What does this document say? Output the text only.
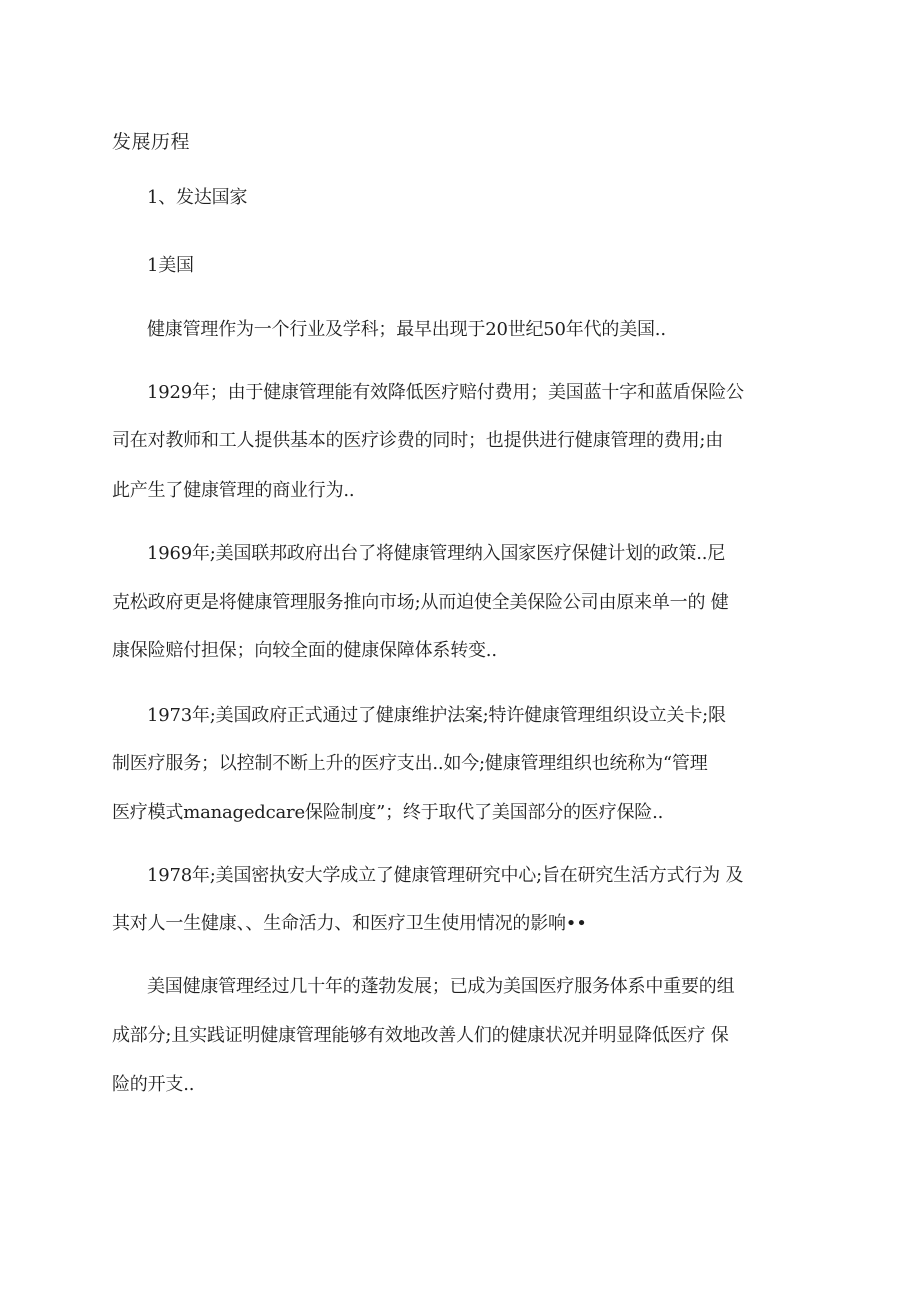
发展历程

1、发达国家

1美国

健康管理作为一个行业及学科；最早出现于20世纪50年代的美国..

1929年；由于健康管理能有效降低医疗赔付费用；美国蓝十字和蓝盾保险公

司在对教师和工人提供基本的医疗诊费的同时；也提供进行健康管理的费用;由

此产生了健康管理的商业行为..

1969年;美国联邦政府出台了将健康管理纳入国家医疗保健计划的政策..尼

克松政府更是将健康管理服务推向市场;从而迫使全美保险公司由原来单一的 健

康保险赔付担保；向较全面的健康保障体系转变..

1973年;美国政府正式通过了健康维护法案;特许健康管理组织设立关卡;限

制医疗服务；以控制不断上升的医疗支出..如今;健康管理组织也统称为“管理

医疗模式managedcare保险制度”；终于取代了美国部分的医疗保险..

1978年;美国密执安大学成立了健康管理研究中心;旨在研究生活方式行为 及

其对人一生健康、、生命活力、和医疗卫生使用情况的影响••

美国健康管理经过几十年的蓬勃发展；已成为美国医疗服务体系中重要的组

成部分;且实践证明健康管理能够有效地改善人们的健康状况并明显降低医疗 保

险的开支..
